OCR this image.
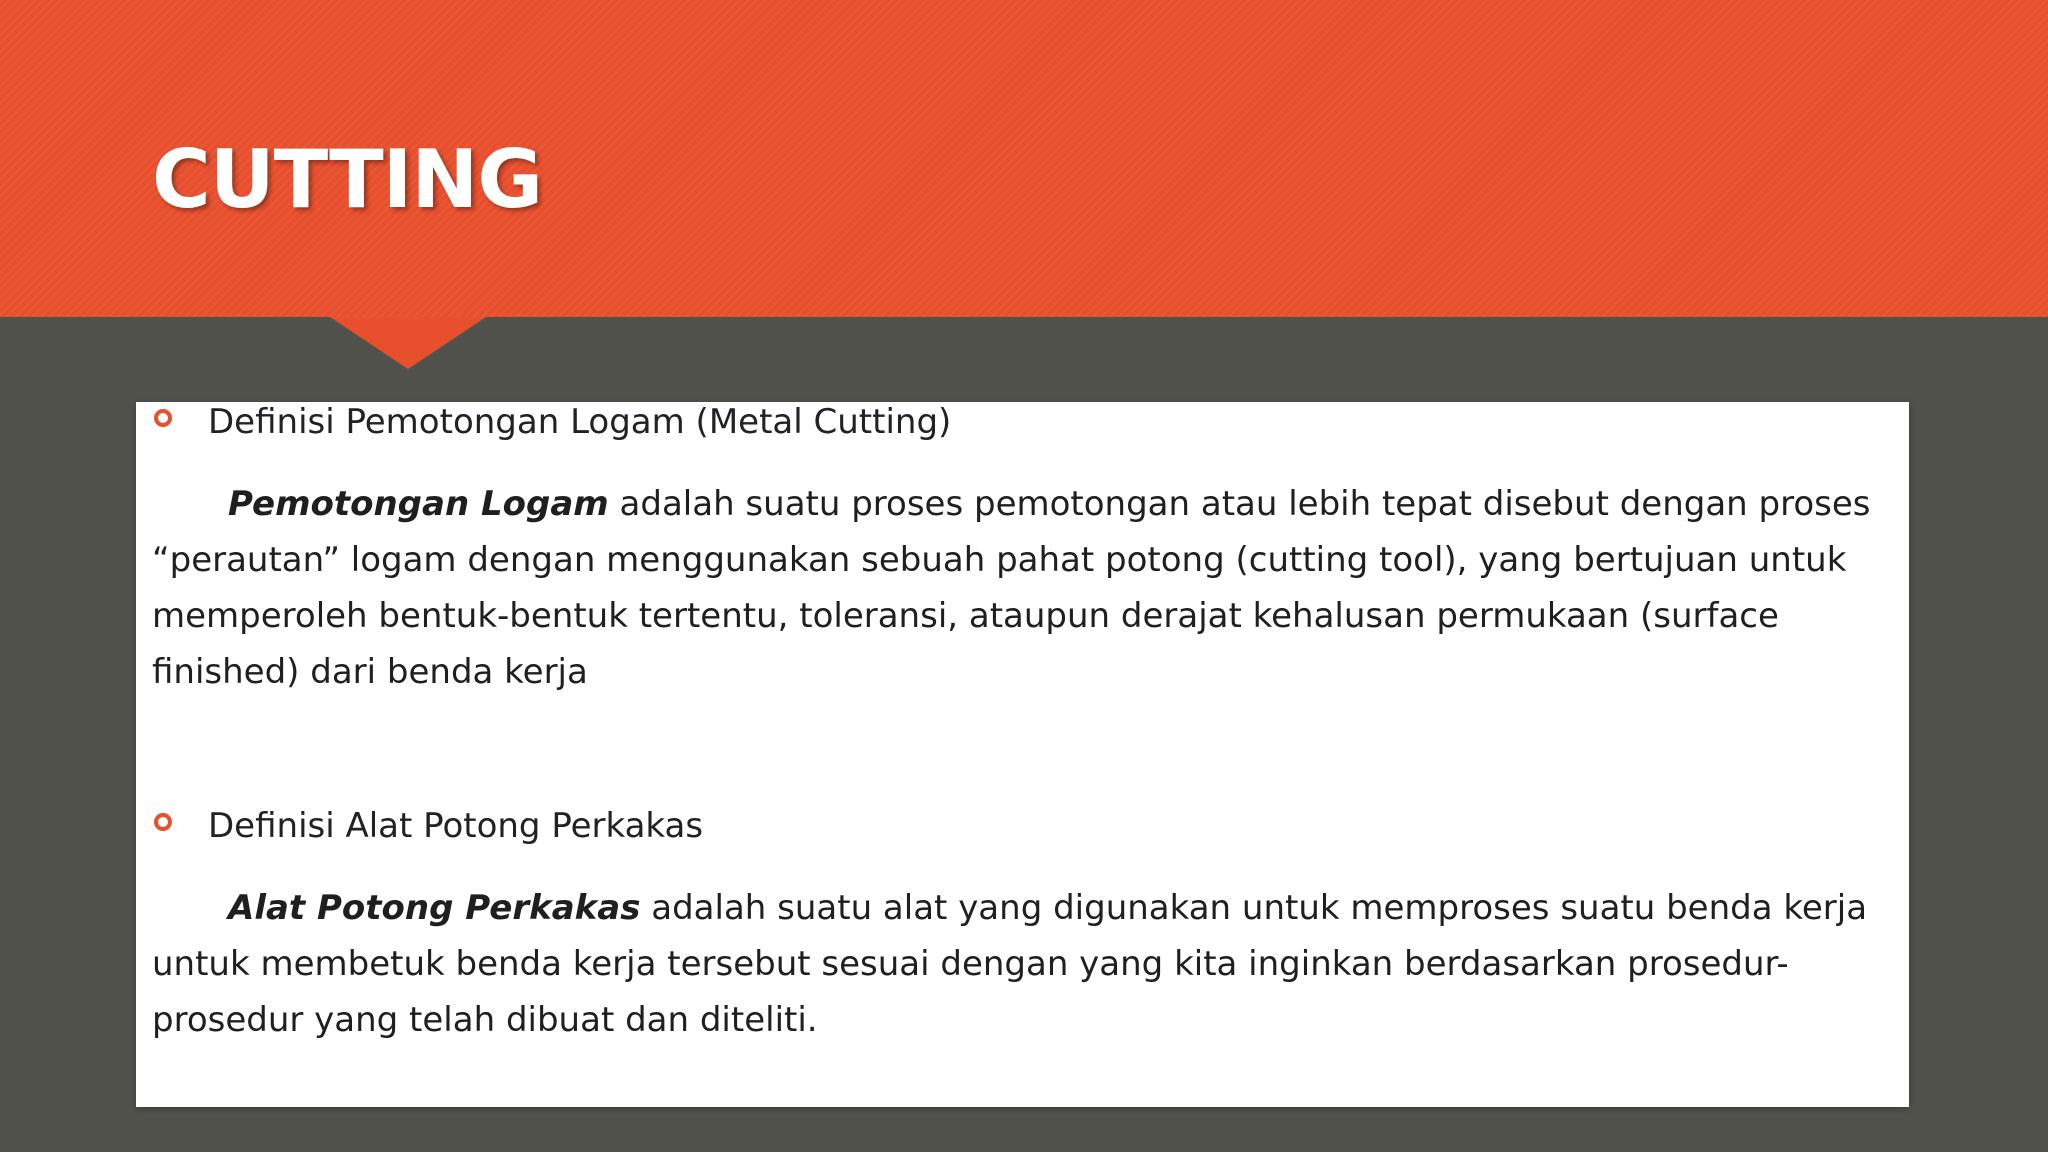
CUTTING
Definisi Pemotongan Logam (Metal Cutting)

Pemotongan Logam adalah suatu proses pemotongan atau lebih tepat disebut dengan proses “perautan” logam dengan menggunakan sebuah pahat potong (cutting tool), yang bertujuan untuk memperoleh bentuk-bentuk tertentu, toleransi, ataupun derajat kehalusan permukaan (surface finished) dari benda kerja

Definisi Alat Potong Perkakas

Alat Potong Perkakas adalah suatu alat yang digunakan untuk memproses suatu benda kerja untuk membetuk benda kerja tersebut sesuai dengan yang kita inginkan berdasarkan prosedur-prosedur yang telah dibuat dan diteliti.
